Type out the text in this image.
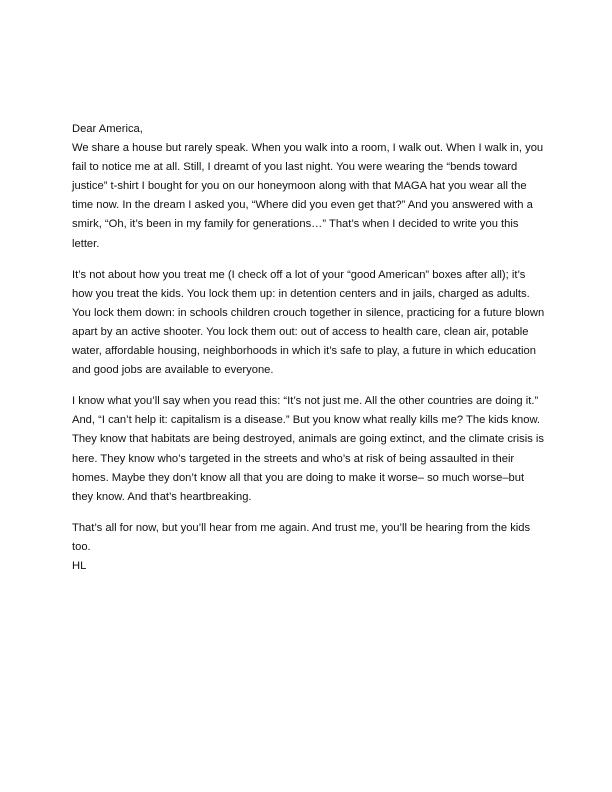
Dear America,

We share a house but rarely speak. When you walk into a room, I walk out. When I walk in, you fail to notice me at all. Still, I dreamt of you last night. You were wearing the “bends toward justice” t-shirt I bought for you on our honeymoon along with that MAGA hat you wear all the time now. In the dream I asked you, “Where did you even get that?” And you answered with a smirk, “Oh, it’s been in my family for generations…” That’s when I decided to write you this letter.

It’s not about how you treat me (I check off a lot of your “good American” boxes after all); it’s how you treat the kids. You lock them up: in detention centers and in jails, charged as adults. You lock them down: in schools children crouch together in silence, practicing for a future blown apart by an active shooter. You lock them out: out of access to health care, clean air, potable water, affordable housing, neighborhoods in which it’s safe to play, a future in which education and good jobs are available to everyone.

I know what you’ll say when you read this: “It’s not just me. All the other countries are doing it.” And, “I can’t help it: capitalism is a disease.” But you know what really kills me? The kids know. They know that habitats are being destroyed, animals are going extinct, and the climate crisis is here. They know who’s targeted in the streets and who’s at risk of being assaulted in their homes. Maybe they don’t know all that you are doing to make it worse– so much worse–but they know. And that’s heartbreaking.

That’s all for now, but you’ll hear from me again. And trust me, you’ll be hearing from the kids too.

HL
